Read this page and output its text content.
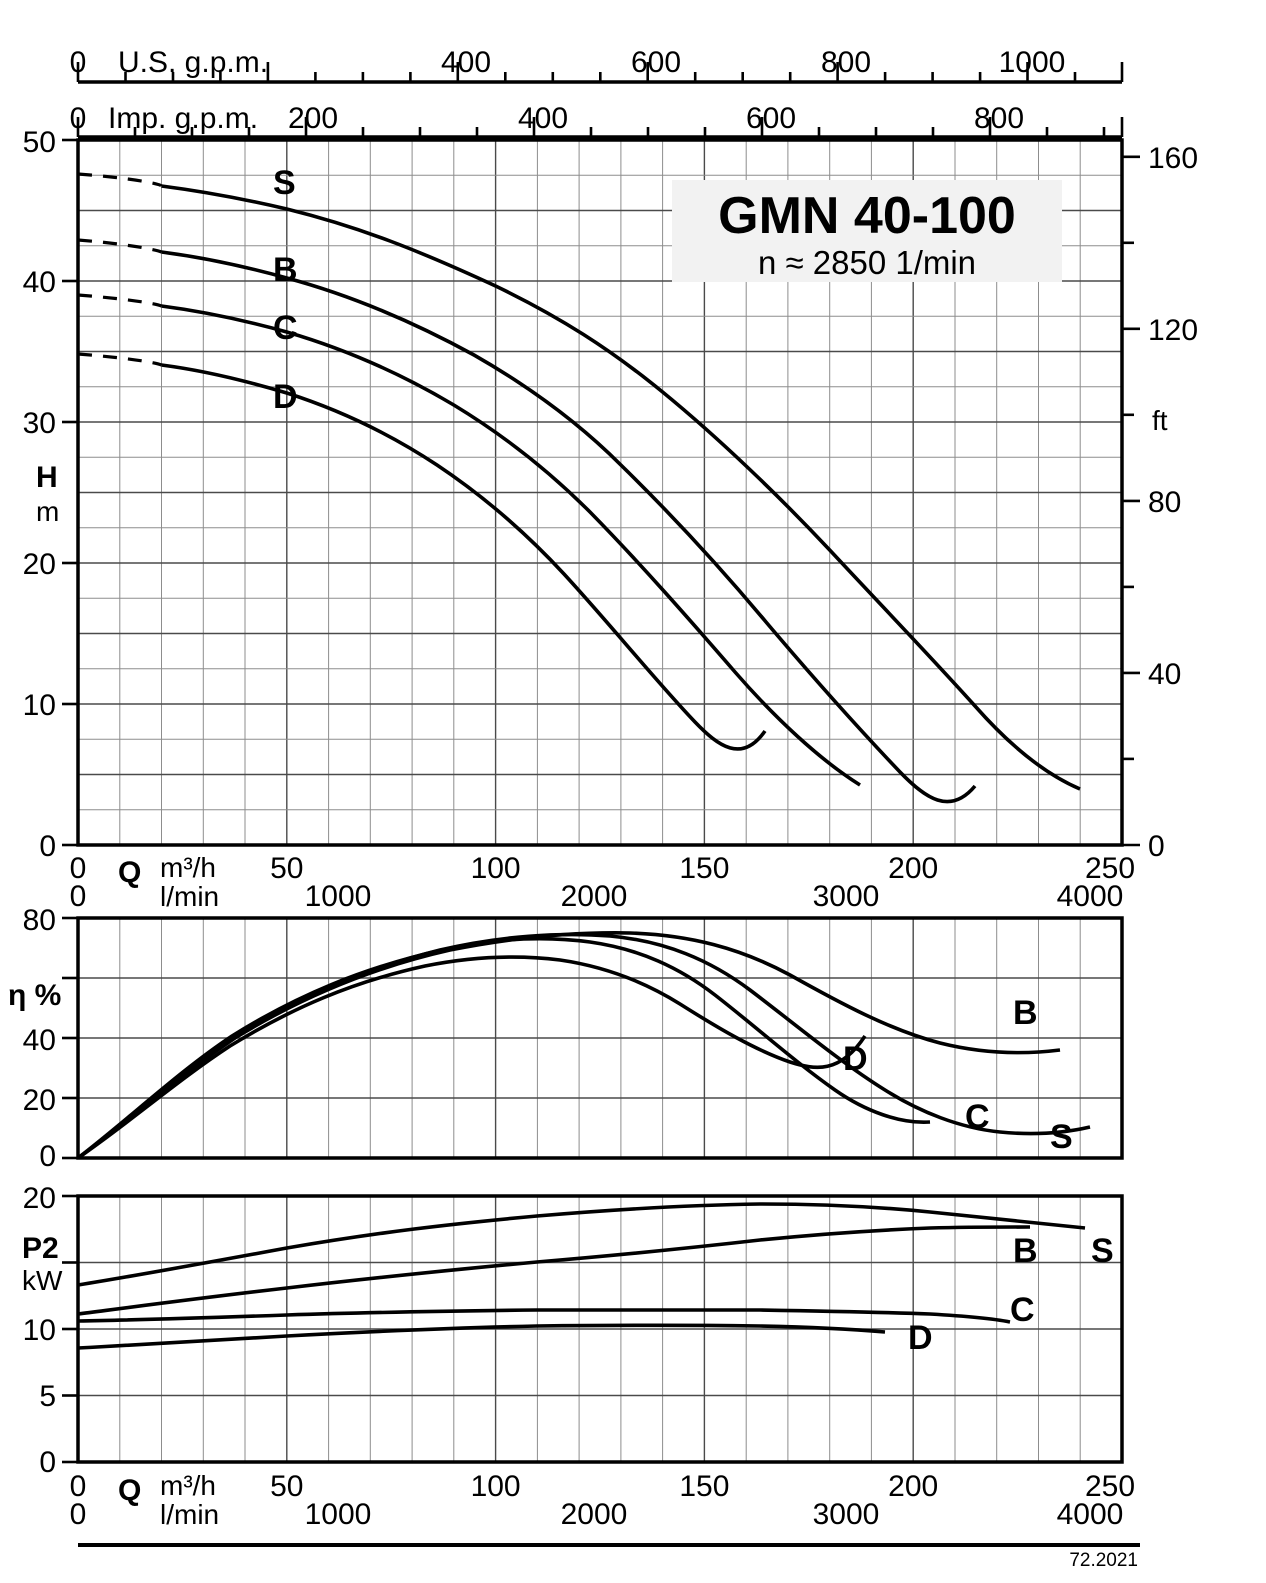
0	400	600	800	1000
U.S. g.p.m.
0	200	400	600	800
Imp. g.p.m.
GMN 40-100
n ≈ 2850 1/min
S
B
C
D
50
40
30
20
10
0
H
m
0
40
80
120
160
ft
0	50	100	150	200	250
0	1000	2000	3000	4000
Q m³/h
l/min
B
D
C
S
80
40
20
0
η %
B S
C
D
20
10
5
0
P2
kW
0	50	100	150	200	250
0	1000	2000	3000	4000
Q m³/h
l/min
72.2021
